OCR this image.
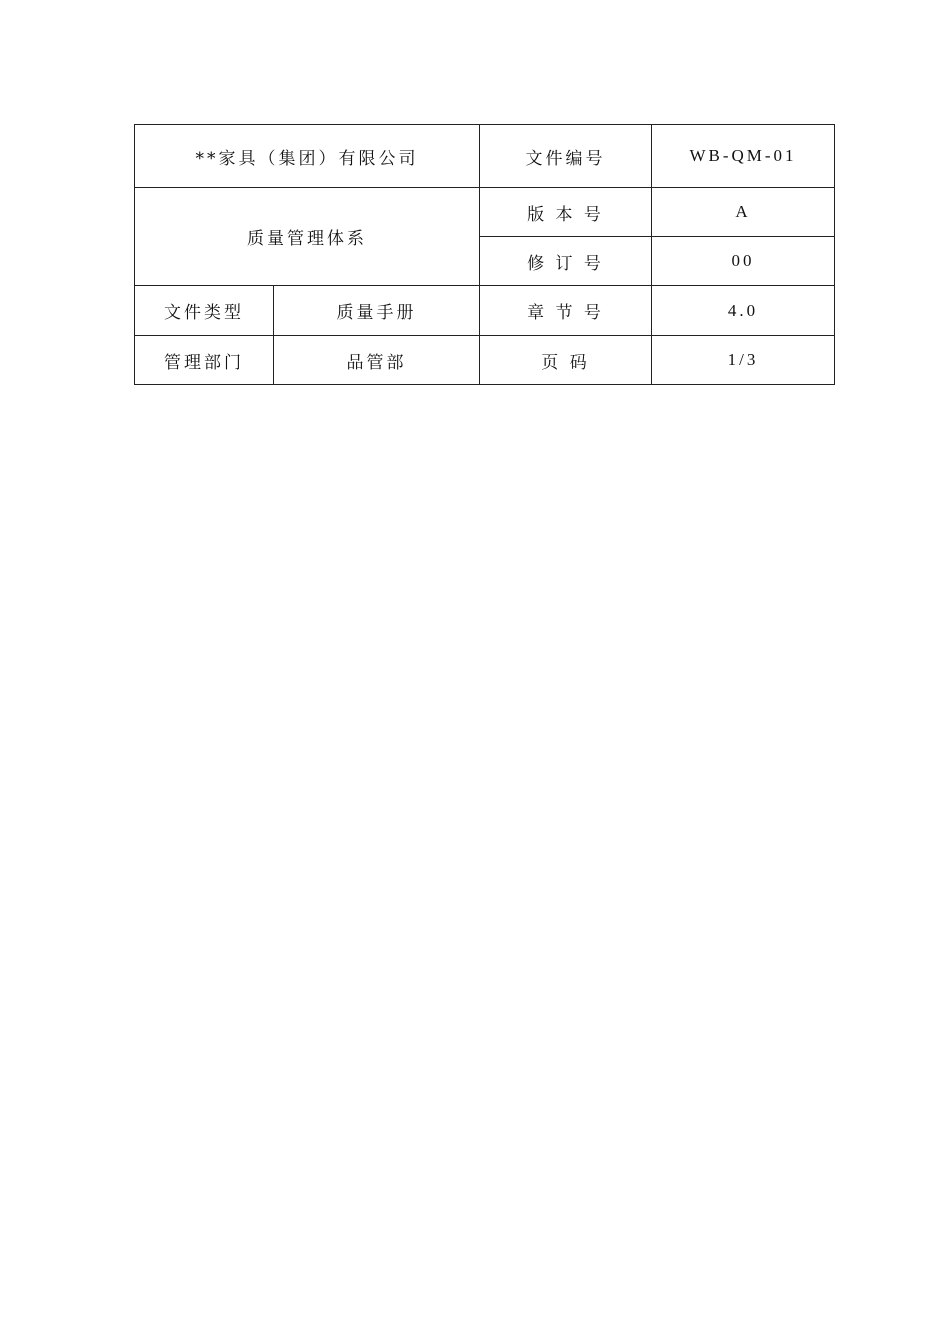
**家具（集团）有限公司		文件编号	WB-QM-01
质量管理体系		版 本 号	A
		修 订 号	00
文件类型	质量手册	章 节 号	4.0
管理部门	品管部	页 码	1/3
